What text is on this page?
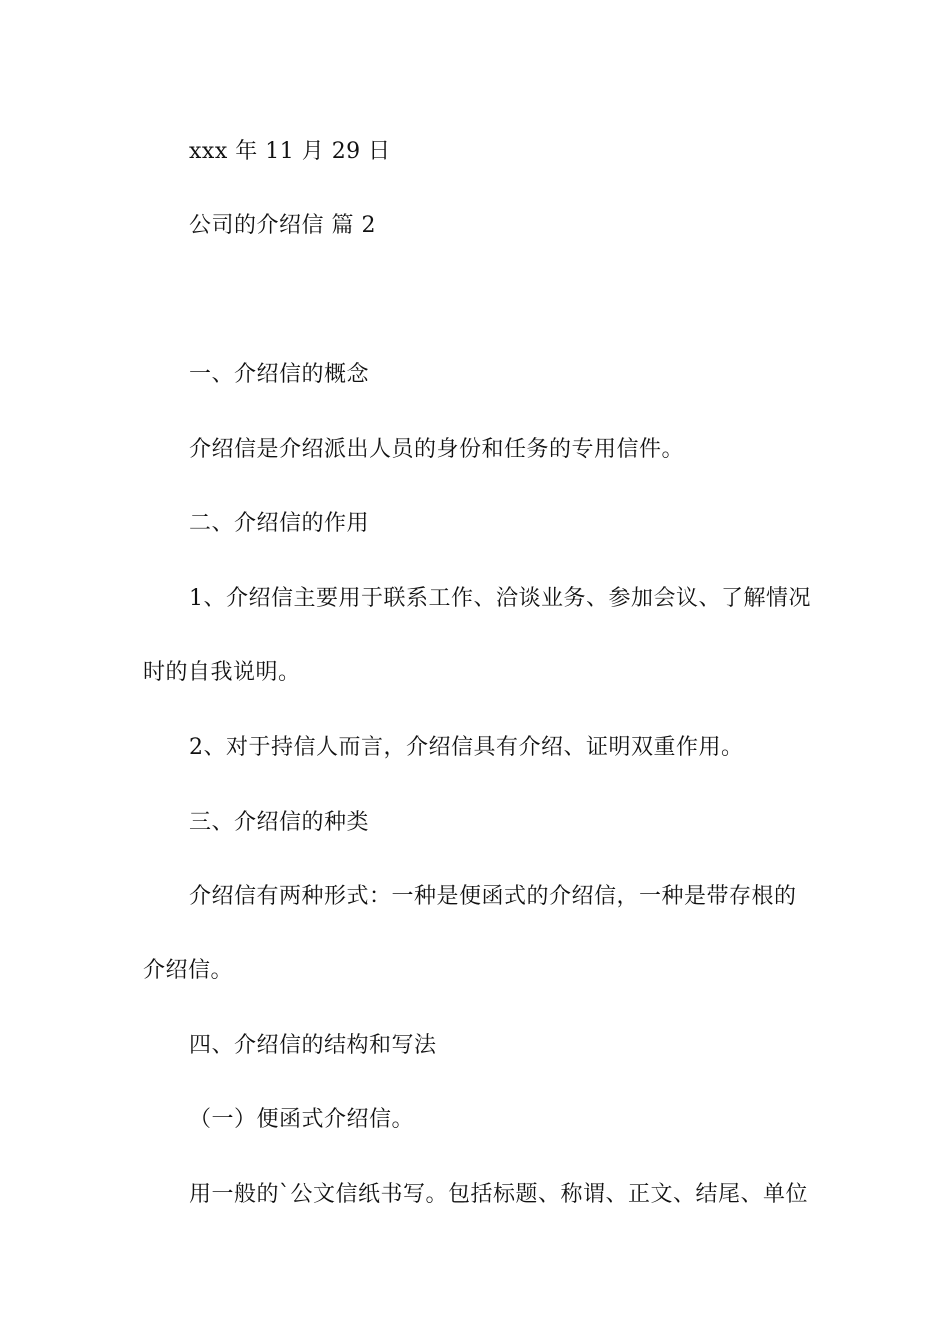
xxx 年 11 月 29 日
公司的介绍信 篇 2
一、介绍信的概念
介绍信是介绍派出人员的身份和任务的专用信件。
二、介绍信的作用
1、介绍信主要用于联系工作、洽谈业务、参加会议、了解情况
时的自我说明。
2、对于持信人而言，介绍信具有介绍、证明双重作用。
三、介绍信的种类
介绍信有两种形式：一种是便函式的介绍信，一种是带存根的
介绍信。
四、介绍信的结构和写法
（一）便函式介绍信。
用一般的`公文信纸书写。包括标题、称谓、正文、结尾、单位
